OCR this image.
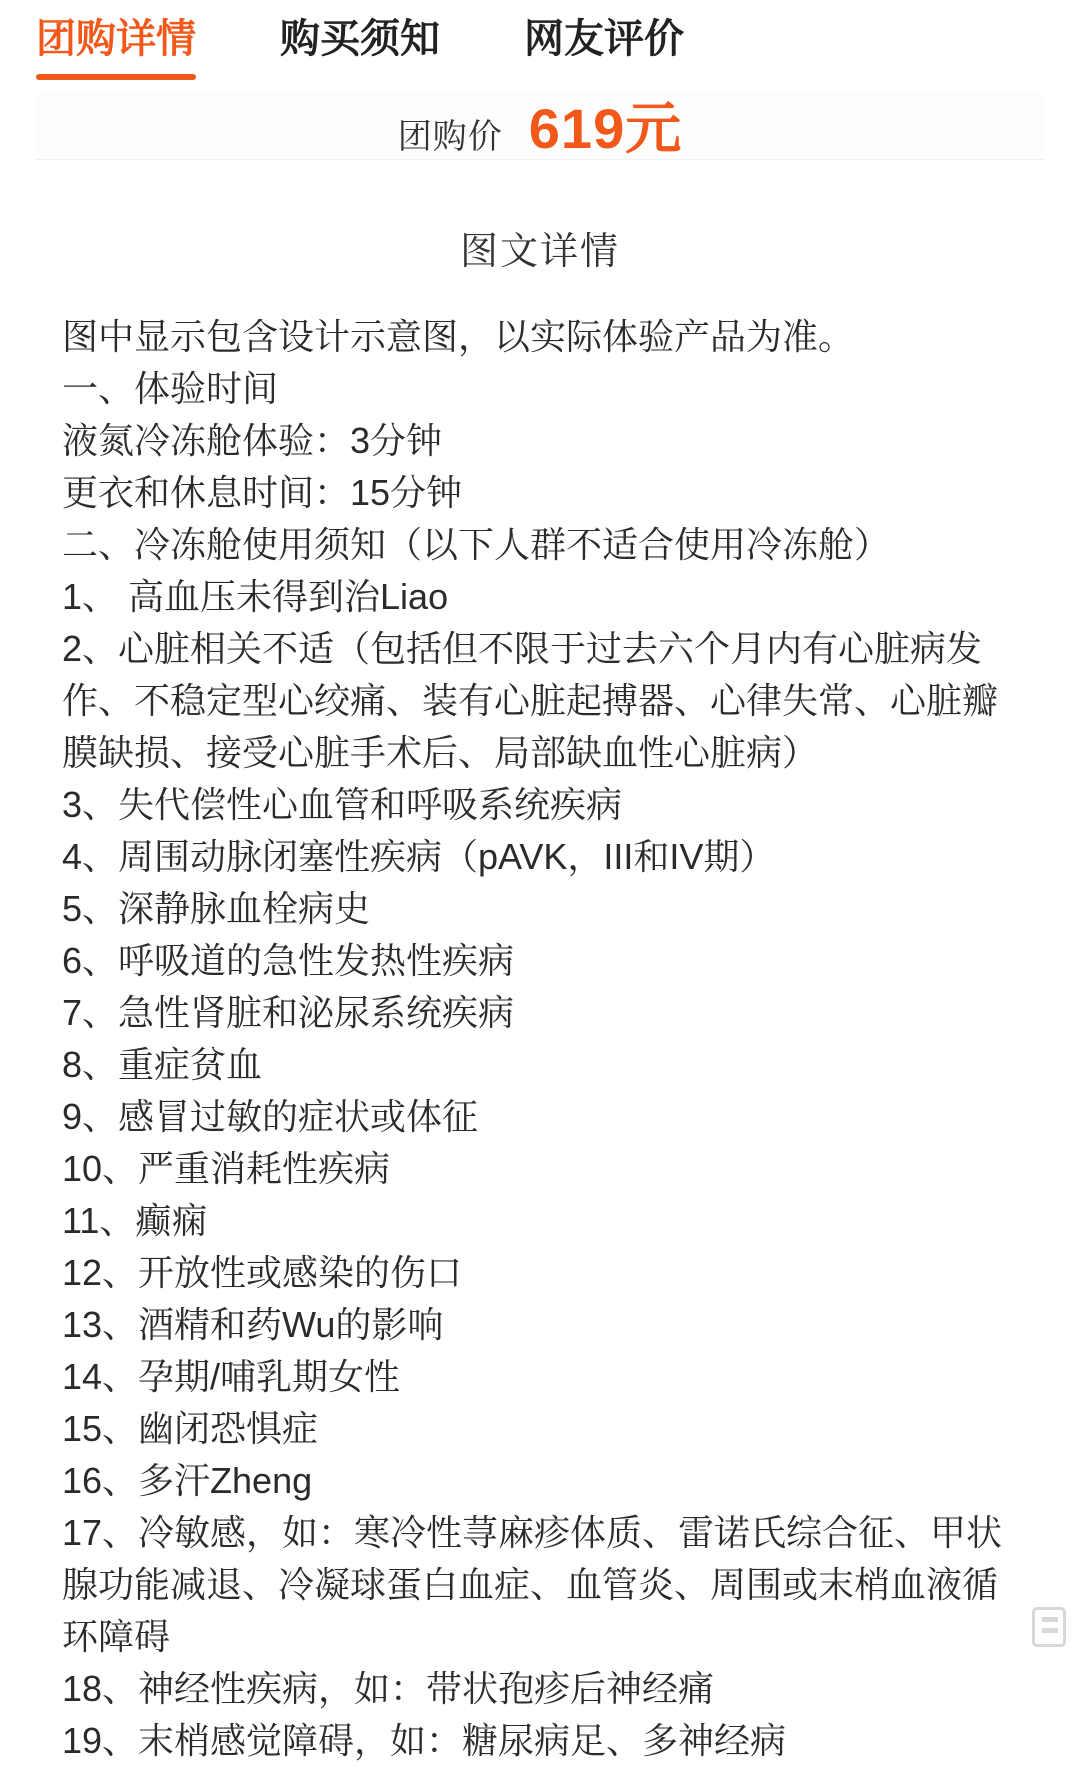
团购详情 购买须知 网友评价
团购价 619元
图文详情
图中显示包含设计示意图，以实际体验产品为准。
一、体验时间
液氮冷冻舱体验：3分钟
更衣和休息时间：15分钟
二、冷冻舱使用须知（以下人群不适合使用冷冻舱）
1、 高血压未得到治Liao
2、心脏相关不适（包括但不限于过去六个月内有心脏病发作、不稳定型心绞痛、装有心脏起搏器、心律失常、心脏瓣膜缺损、接受心脏手术后、局部缺血性心脏病）
3、失代偿性心血管和呼吸系统疾病
4、周围动脉闭塞性疾病（pAVK，III和IV期）
5、深静脉血栓病史
6、呼吸道的急性发热性疾病
7、急性肾脏和泌尿系统疾病
8、重症贫血
9、感冒过敏的症状或体征
10、严重消耗性疾病
11、癫痫
12、开放性或感染的伤口
13、酒精和药Wu的影响
14、孕期/哺乳期女性
15、幽闭恐惧症
16、多汗Zheng
17、冷敏感，如：寒冷性荨麻疹体质、雷诺氏综合征、甲状腺功能减退、冷凝球蛋白血症、血管炎、周围或末梢血液循环障碍
18、神经性疾病，如：带状孢疹后神经痛
19、末梢感觉障碍，如：糖尿病足、多神经病
